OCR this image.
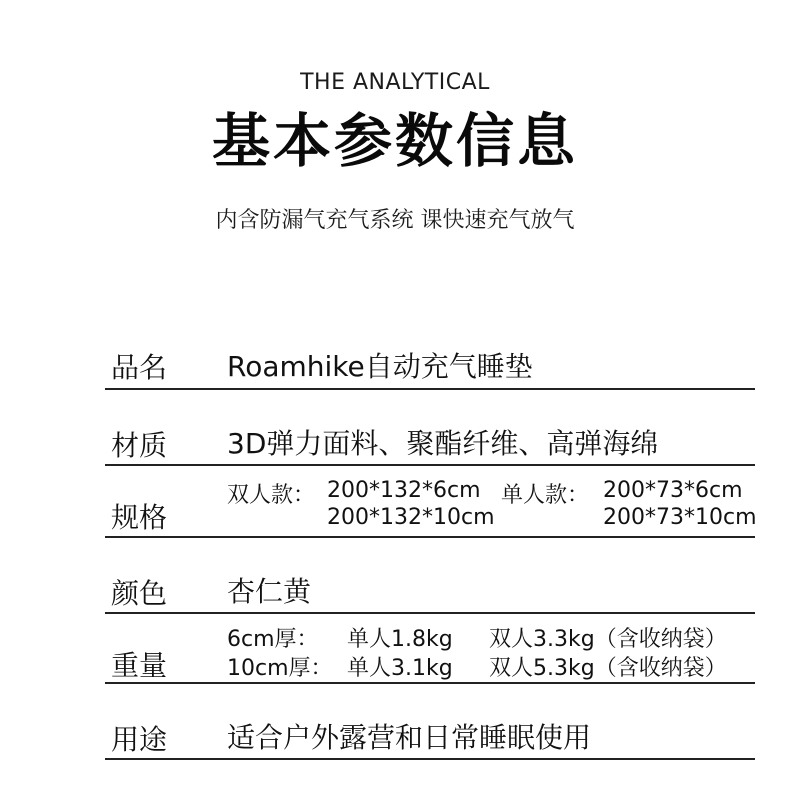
THE ANALYTICAL
基本参数信息
内含防漏气充气系统 课快速充气放气
品名 Roamhike自动充气睡垫
材质 3D弹力面料、聚酯纤维、高弹海绵
规格
双人款： 200*132*6cm 单人款： 200*73*6cm
200*132*10cm	200*73*10cm
颜色 杏仁黄
重量
6cm厚： 单人1.8kg 双人3.3kg（含收纳袋）
10cm厚： 单人3.1kg 双人5.3kg（含收纳袋）
用途 适合户外露营和日常睡眠使用
